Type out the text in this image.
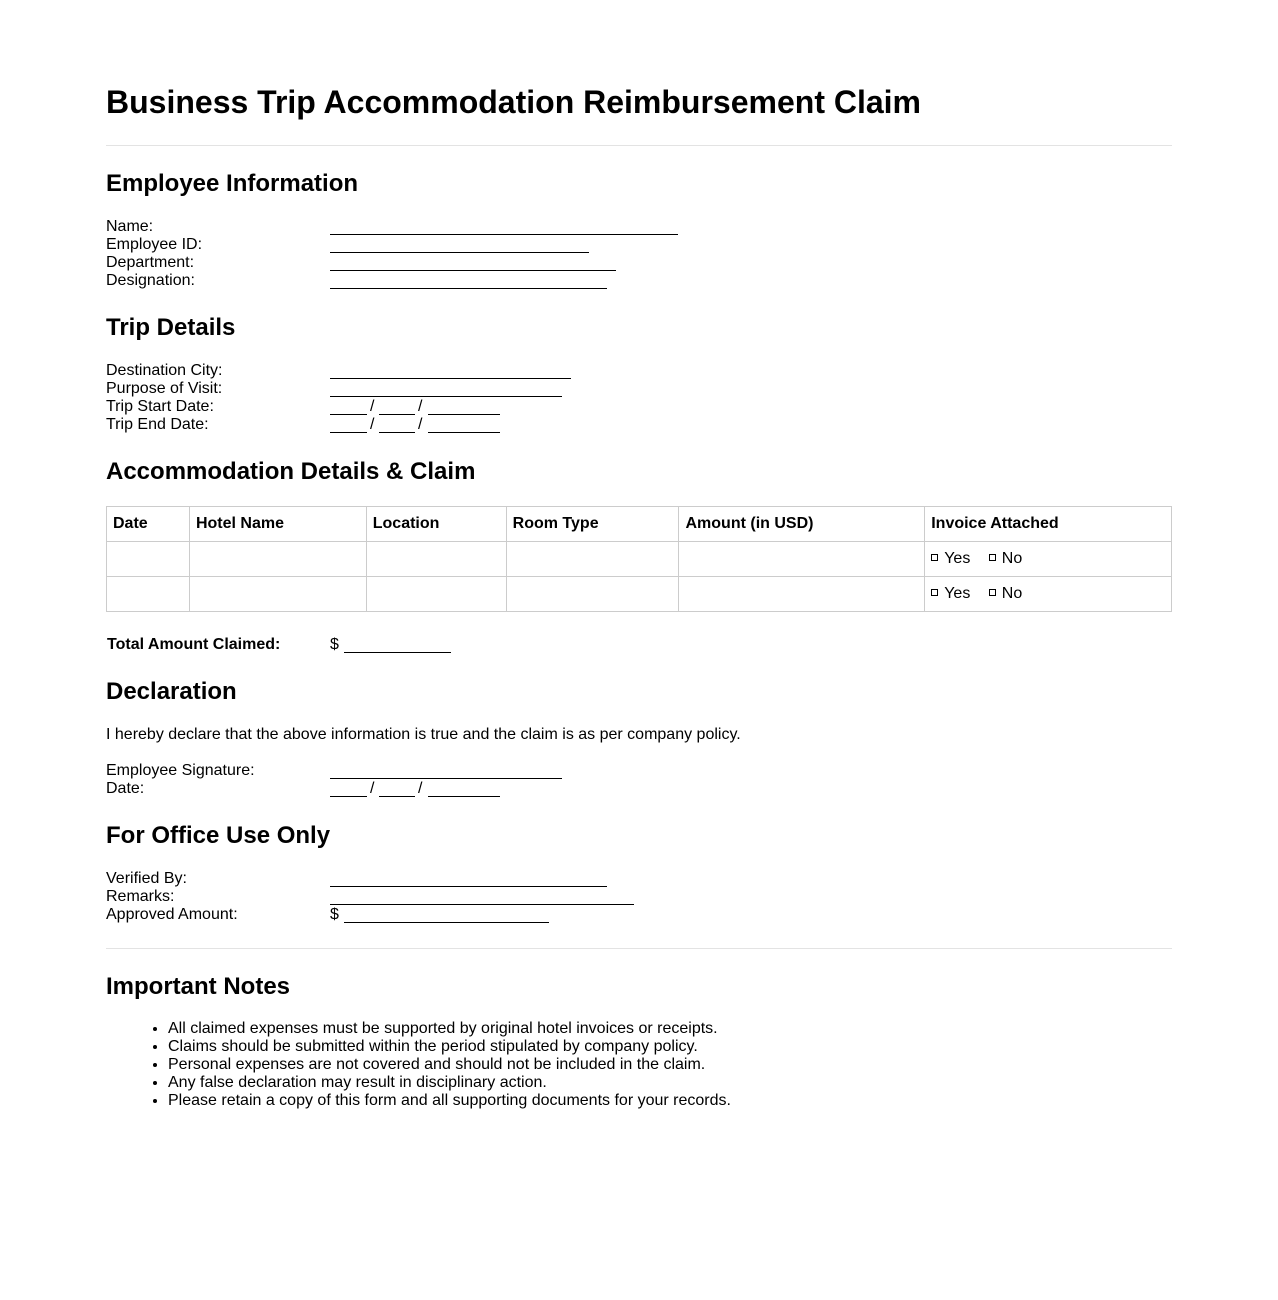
Business Trip Accommodation Reimbursement Claim
Employee Information
Name:
Employee ID:
Department:
Designation:
Trip Details
Destination City:
Purpose of Visit:
Trip Start Date:	/	/
Trip End Date:	/	/
Accommodation Details & Claim
Date	Hotel Name	Location	Room Type	Amount (in USD)	Invoice Attached
					Yes No
					Yes No
Total Amount Claimed:	$
Declaration

I hereby declare that the above information is true and the claim is as per company policy.

Employee Signature:
Date:	/	/
For Office Use Only
Verified By:
Remarks:
Approved Amount:	$
Important Notes
• All claimed expenses must be supported by original hotel invoices or receipts.
• Claims should be submitted within the period stipulated by company policy.
• Personal expenses are not covered and should not be included in the claim.
• Any false declaration may result in disciplinary action.
• Please retain a copy of this form and all supporting documents for your records.
